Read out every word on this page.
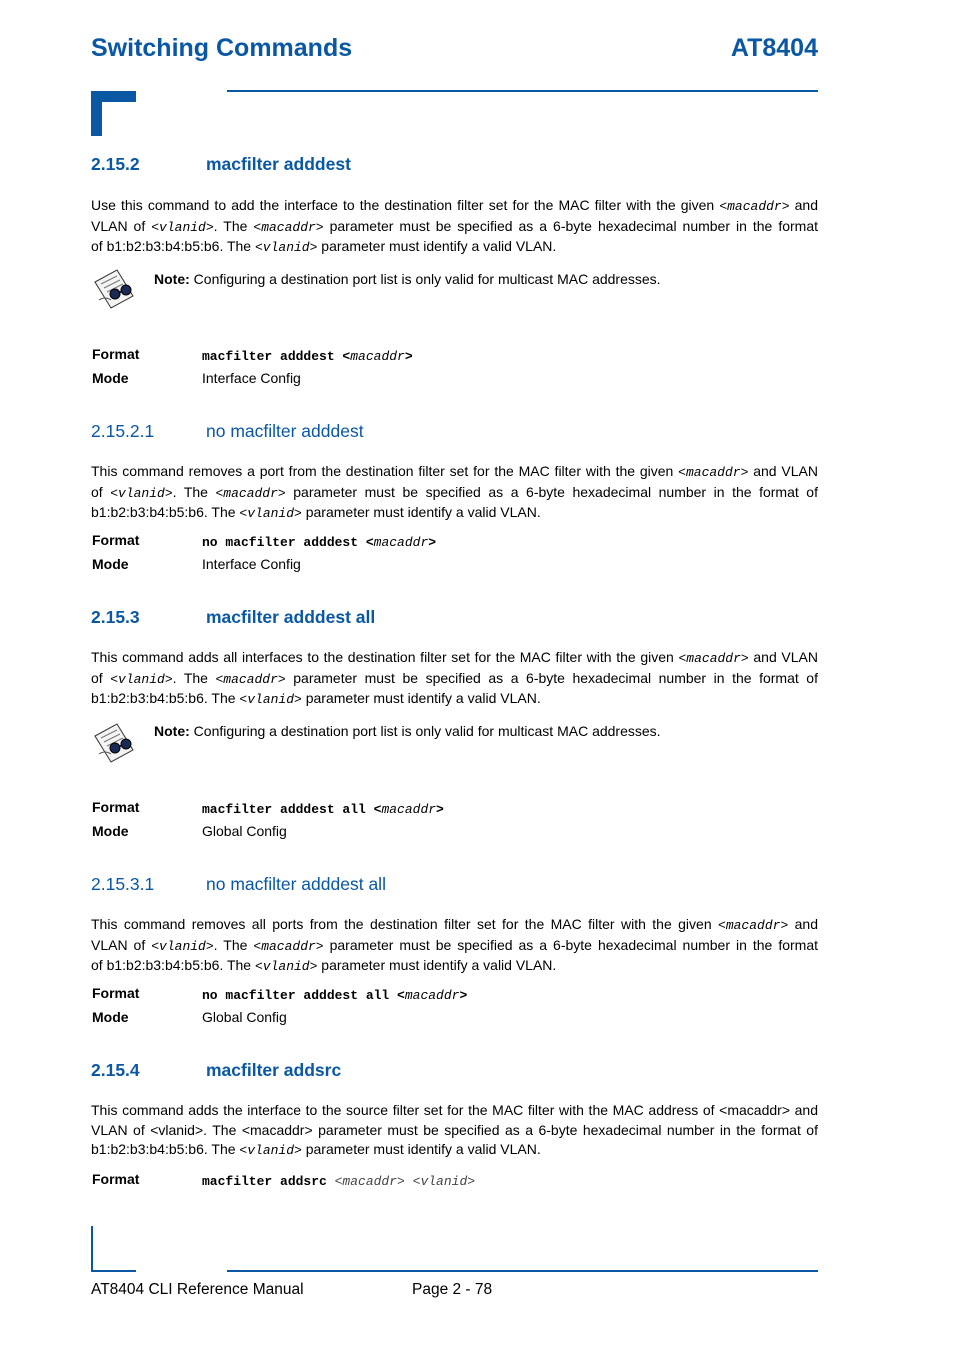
Switching Commands	AT8404
2.15.2	macfilter adddest
Use this command to add the interface to the destination filter set for the MAC filter with the given <macaddr> and
VLAN of <vlanid>. The <macaddr> parameter must be specified as a 6-byte hexadecimal number in the format
of b1:b2:b3:b4:b5:b6. The <vlanid> parameter must identify a valid VLAN.
Note: Configuring a destination port list is only valid for multicast MAC addresses.
Format	macfilter adddest <macaddr>
Mode	Interface Config
2.15.2.1	no macfilter adddest
This command removes a port from the destination filter set for the MAC filter with the given <macaddr> and VLAN
of <vlanid>. The <macaddr> parameter must be specified as a 6-byte hexadecimal number in the format of
b1:b2:b3:b4:b5:b6. The <vlanid> parameter must identify a valid VLAN.
Format	no macfilter adddest <macaddr>
Mode	Interface Config
2.15.3	macfilter adddest all
This command adds all interfaces to the destination filter set for the MAC filter with the given <macaddr> and VLAN
of <vlanid>. The <macaddr> parameter must be specified as a 6-byte hexadecimal number in the format of
b1:b2:b3:b4:b5:b6. The <vlanid> parameter must identify a valid VLAN.
Note: Configuring a destination port list is only valid for multicast MAC addresses.
Format	macfilter adddest all <macaddr>
Mode	Global Config
2.15.3.1	no macfilter adddest all
This command removes all ports from the destination filter set for the MAC filter with the given <macaddr> and
VLAN of <vlanid>. The <macaddr> parameter must be specified as a 6-byte hexadecimal number in the format
of b1:b2:b3:b4:b5:b6. The <vlanid> parameter must identify a valid VLAN.
Format	no macfilter adddest all <macaddr>
Mode	Global Config
2.15.4	macfilter addsrc
This command adds the interface to the source filter set for the MAC filter with the MAC address of <macaddr> and
VLAN of <vlanid>. The <macaddr> parameter must be specified as a 6-byte hexadecimal number in the format of
b1:b2:b3:b4:b5:b6. The <vlanid> parameter must identify a valid VLAN.
Format	macfilter addsrc <macaddr> <vlanid>
AT8404 CLI Reference Manual	Page 2 - 78
